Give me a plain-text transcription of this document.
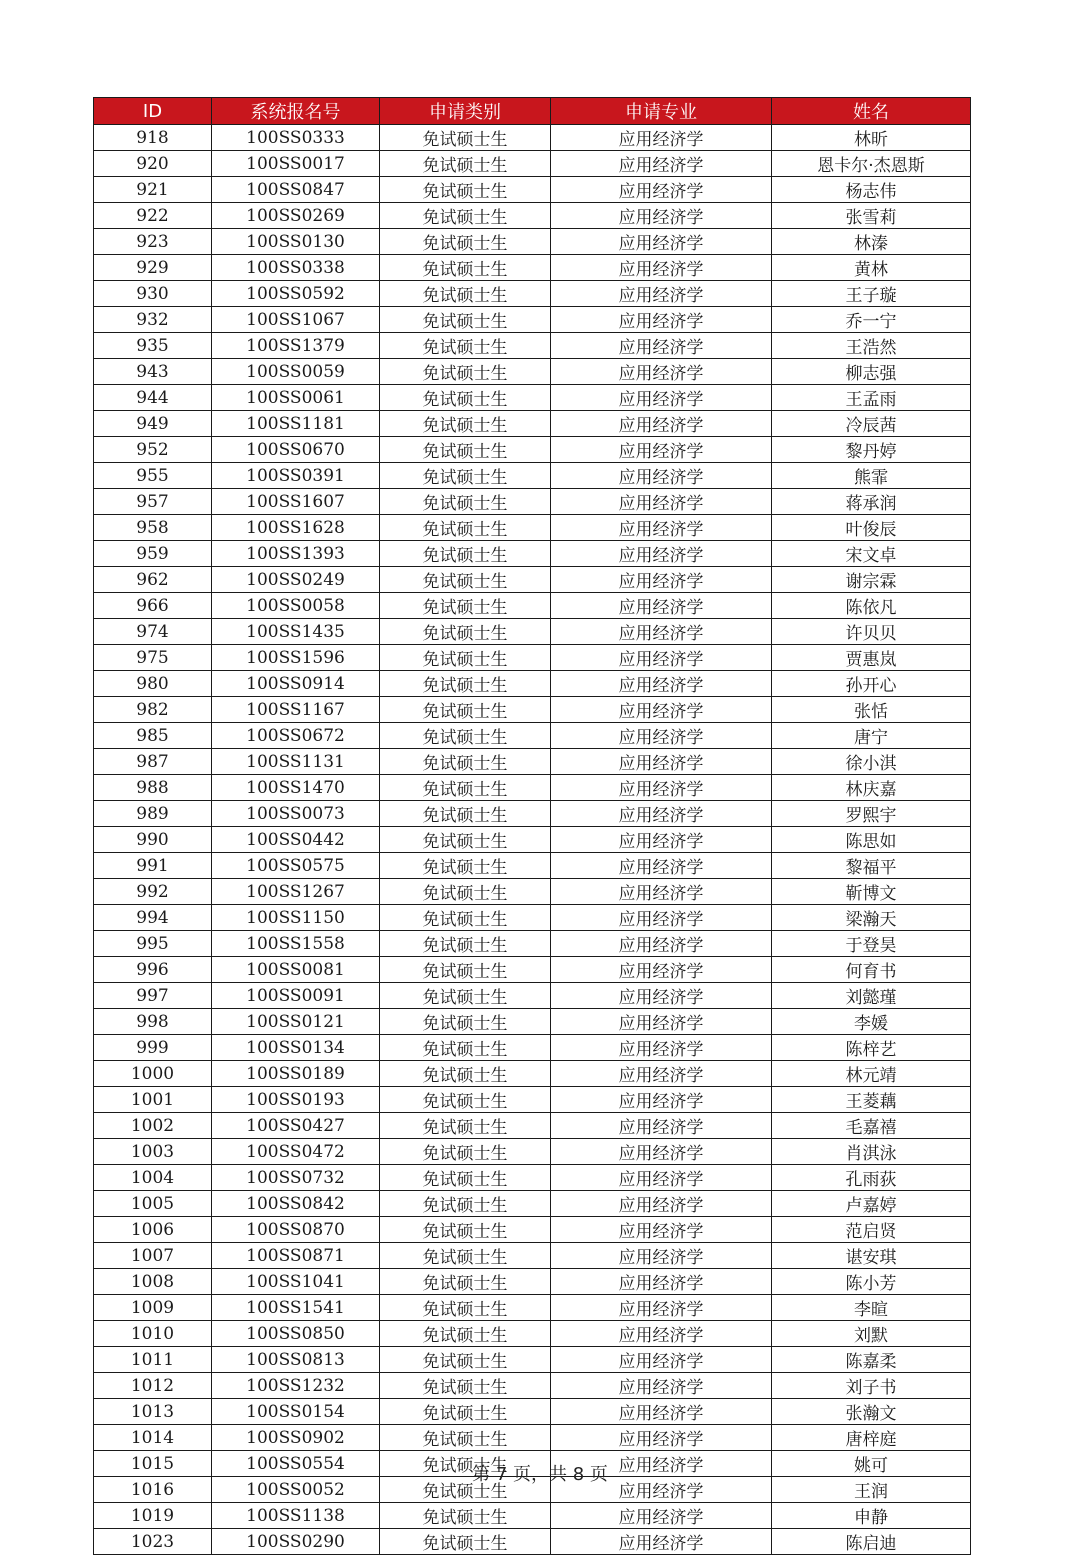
ID	系统报名号	申请类别	申请专业	姓名
918	100SS0333	免试硕士生	应用经济学	林昕
920	100SS0017	免试硕士生	应用经济学	恩卡尔·杰恩斯
921	100SS0847	免试硕士生	应用经济学	杨志伟
922	100SS0269	免试硕士生	应用经济学	张雪莉
923	100SS0130	免试硕士生	应用经济学	林溱
929	100SS0338	免试硕士生	应用经济学	黄林
930	100SS0592	免试硕士生	应用经济学	王子璇
932	100SS1067	免试硕士生	应用经济学	乔一宁
935	100SS1379	免试硕士生	应用经济学	王浩然
943	100SS0059	免试硕士生	应用经济学	柳志强
944	100SS0061	免试硕士生	应用经济学	王孟雨
949	100SS1181	免试硕士生	应用经济学	冷辰茜
952	100SS0670	免试硕士生	应用经济学	黎丹婷
955	100SS0391	免试硕士生	应用经济学	熊霏
957	100SS1607	免试硕士生	应用经济学	蒋承润
958	100SS1628	免试硕士生	应用经济学	叶俊辰
959	100SS1393	免试硕士生	应用经济学	宋文卓
962	100SS0249	免试硕士生	应用经济学	谢宗霖
966	100SS0058	免试硕士生	应用经济学	陈依凡
974	100SS1435	免试硕士生	应用经济学	许贝贝
975	100SS1596	免试硕士生	应用经济学	贾惠岚
980	100SS0914	免试硕士生	应用经济学	孙开心
982	100SS1167	免试硕士生	应用经济学	张恬
985	100SS0672	免试硕士生	应用经济学	唐宁
987	100SS1131	免试硕士生	应用经济学	徐小淇
988	100SS1470	免试硕士生	应用经济学	林庆嘉
989	100SS0073	免试硕士生	应用经济学	罗熙宇
990	100SS0442	免试硕士生	应用经济学	陈思如
991	100SS0575	免试硕士生	应用经济学	黎福平
992	100SS1267	免试硕士生	应用经济学	靳博文
994	100SS1150	免试硕士生	应用经济学	梁瀚天
995	100SS1558	免试硕士生	应用经济学	于登昊
996	100SS0081	免试硕士生	应用经济学	何育书
997	100SS0091	免试硕士生	应用经济学	刘懿瑾
998	100SS0121	免试硕士生	应用经济学	李媛
999	100SS0134	免试硕士生	应用经济学	陈梓艺
1000	100SS0189	免试硕士生	应用经济学	林元靖
1001	100SS0193	免试硕士生	应用经济学	王菱藕
1002	100SS0427	免试硕士生	应用经济学	毛嘉禧
1003	100SS0472	免试硕士生	应用经济学	肖淇泳
1004	100SS0732	免试硕士生	应用经济学	孔雨荻
1005	100SS0842	免试硕士生	应用经济学	卢嘉婷
1006	100SS0870	免试硕士生	应用经济学	范启贤
1007	100SS0871	免试硕士生	应用经济学	谌安琪
1008	100SS1041	免试硕士生	应用经济学	陈小芳
1009	100SS1541	免试硕士生	应用经济学	李暄
1010	100SS0850	免试硕士生	应用经济学	刘默
1011	100SS0813	免试硕士生	应用经济学	陈嘉柔
1012	100SS1232	免试硕士生	应用经济学	刘子书
1013	100SS0154	免试硕士生	应用经济学	张瀚文
1014	100SS0902	免试硕士生	应用经济学	唐梓庭
1015	100SS0554	免试硕士生	应用经济学	姚可
1016	100SS0052	免试硕士生	应用经济学	王润
1019	100SS1138	免试硕士生	应用经济学	申静
1023	100SS0290	免试硕士生	应用经济学	陈启迪
第 7 页，共 8 页
